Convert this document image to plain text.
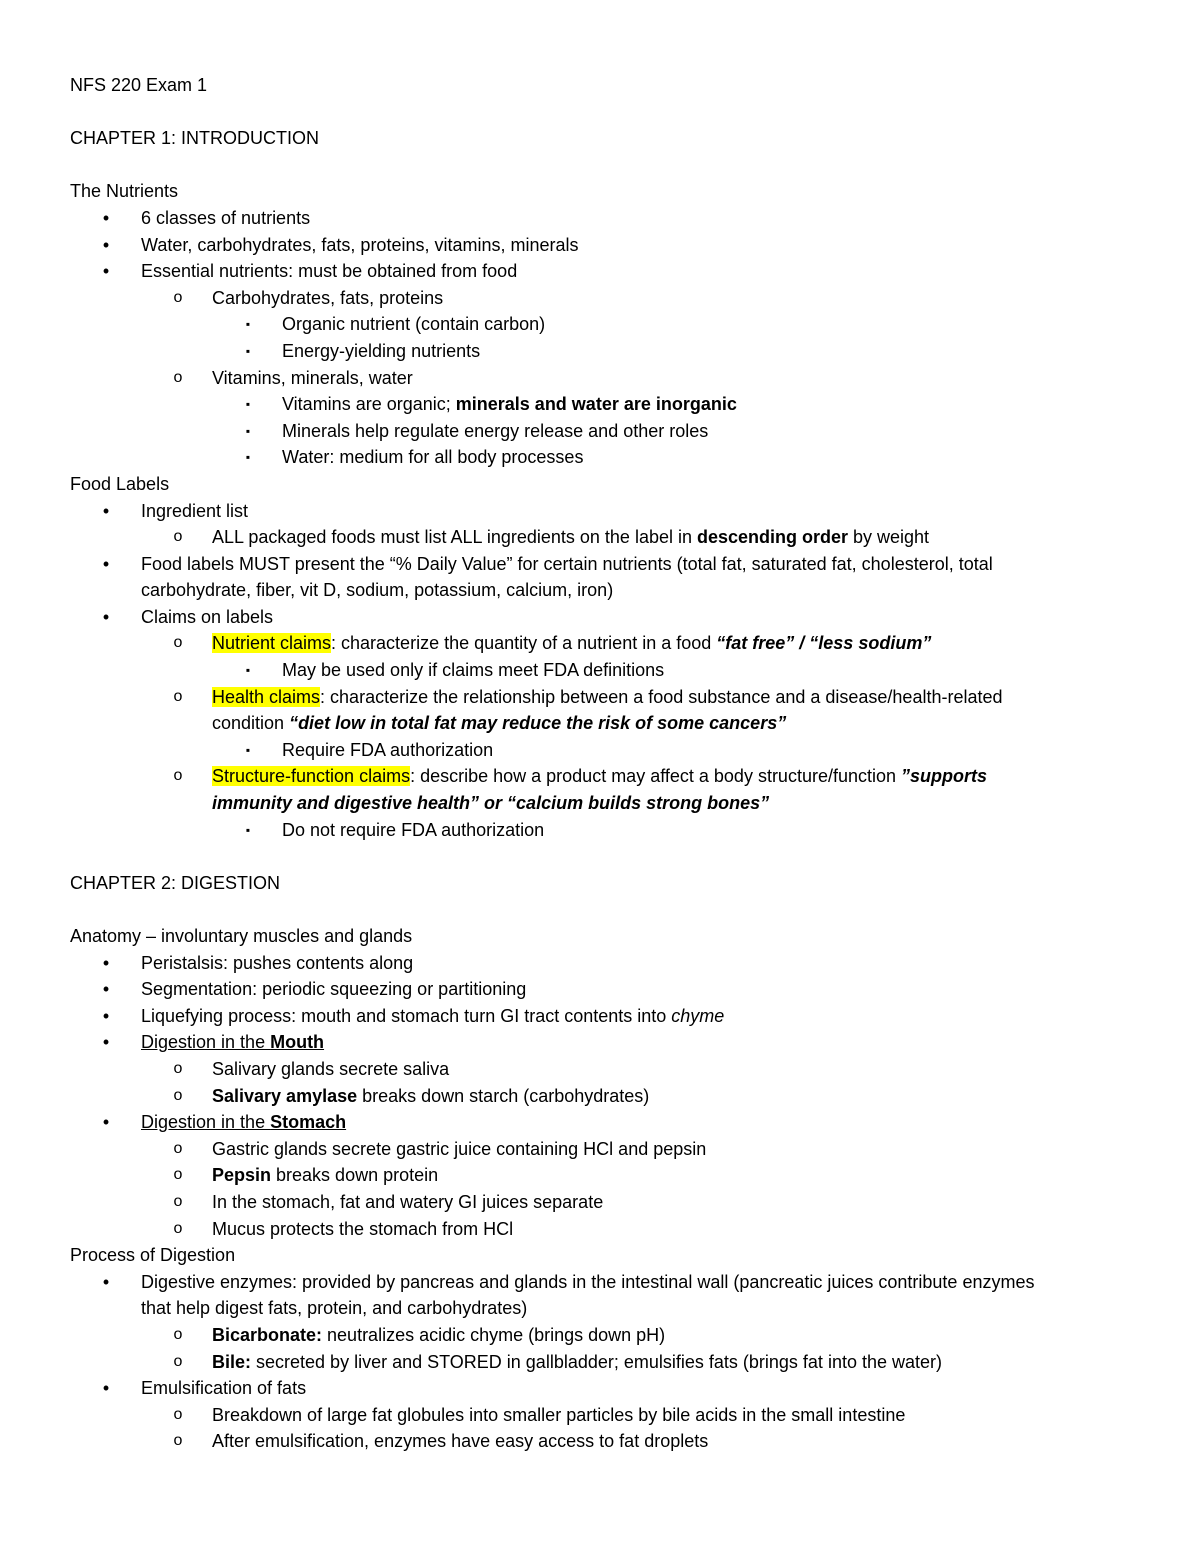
NFS 220 Exam 1
CHAPTER 1: INTRODUCTION
The Nutrients
•	6 classes of nutrients
•	Water, carbohydrates, fats, proteins, vitamins, minerals
•	Essential nutrients: must be obtained from food
o	Carbohydrates, fats, proteins
▪	Organic nutrient (contain carbon)
▪	Energy-yielding nutrients
o	Vitamins, minerals, water
▪	Vitamins are organic; minerals and water are inorganic
▪	Minerals help regulate energy release and other roles
▪	Water: medium for all body processes
Food Labels
•	Ingredient list
o	ALL packaged foods must list ALL ingredients on the label in descending order by weight
•	Food labels MUST present the “% Daily Value” for certain nutrients (total fat, saturated fat, cholesterol, total
carbohydrate, fiber, vit D, sodium, potassium, calcium, iron)
•	Claims on labels
o	Nutrient claims: characterize the quantity of a nutrient in a food “fat free” / “less sodium”
▪	May be used only if claims meet FDA definitions
o	Health claims: characterize the relationship between a food substance and a disease/health-related
condition “diet low in total fat may reduce the risk of some cancers”
▪	Require FDA authorization
o	Structure-function claims: describe how a product may affect a body structure/function ”supports
immunity and digestive health” or “calcium builds strong bones”
▪	Do not require FDA authorization
CHAPTER 2: DIGESTION
Anatomy – involuntary muscles and glands
•	Peristalsis: pushes contents along
•	Segmentation: periodic squeezing or partitioning
•	Liquefying process: mouth and stomach turn GI tract contents into chyme
•	Digestion in the Mouth
o	Salivary glands secrete saliva
o	Salivary amylase breaks down starch (carbohydrates)
•	Digestion in the Stomach
o	Gastric glands secrete gastric juice containing HCl and pepsin
o	Pepsin breaks down protein
o	In the stomach, fat and watery GI juices separate
o	Mucus protects the stomach from HCl
Process of Digestion
•	Digestive enzymes: provided by pancreas and glands in the intestinal wall (pancreatic juices contribute enzymes
that help digest fats, protein, and carbohydrates)
o	Bicarbonate: neutralizes acidic chyme (brings down pH)
o	Bile: secreted by liver and STORED in gallbladder; emulsifies fats (brings fat into the water)
•	Emulsification of fats
o	Breakdown of large fat globules into smaller particles by bile acids in the small intestine
o	After emulsification, enzymes have easy access to fat droplets
